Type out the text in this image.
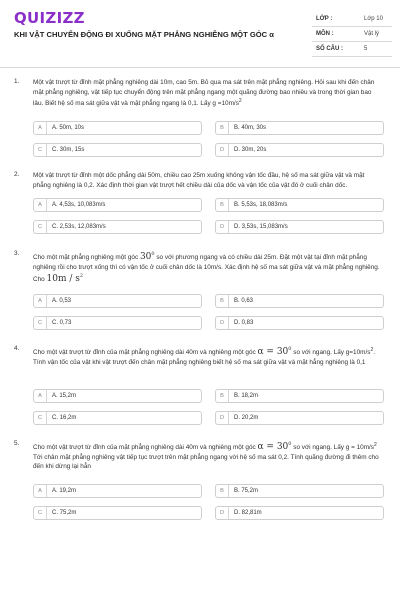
QUIZIZZ
KHI VẬT CHUYỂN ĐỘNG ĐI XUỐNG MẶT PHẲNG NGHIÊNG MỘT GÓC α
LỚP :	Lớp 10
MÔN :	Vật lý
SỐ CÂU :	5
1. Một vật trượt từ đỉnh mặt phẳng nghiêng dài 10m, cao 5m. Bỏ qua ma sát trên mặt phẳng nghiêng. Hỏi sau khi đến chân mặt phẳng nghiêng, vật tiếp tục chuyển động trên mặt phẳng ngang một quãng đường bao nhiêu và trong thời gian bao lâu. Biết hệ số ma sát giữa vật và mặt phẳng ngang là 0,1. Lấy $g =10m/s^2$
A	A. 50m, 10s	B	B. 40m, 30s
C	C. 30m, 15s	D	D. 30m, 20s
2. Một vật trượt từ đỉnh một dốc phẳng dài 50m, chiều cao 25m xuống không vận tốc đầu, hệ số ma sát giữa vật và mặt phẳng nghiêng là 0,2. Xác định thời gian vật trượt hết chiều dài của dốc và vận tốc của vật đó ở cuối chân dốc.
A	A. 4,53s, 10,083m/s	B	B. 5,53s, 18,083m/s
C	C. 2,53s, 12,083m/s	D	D. 3,53s, 15,083m/s
3.
Cho một mặt phẳng nghiêng một góc $30^0$ so với phương ngang và có chiều dài 25m. Đặt một vật tại đỉnh mặt phẳng nghiêng rồi cho trượt xống thì có vận tốc ở cuối chân dốc là 10m/s. Xác định hệ số ma sát giữa vật và mặt phẳng nghiêng. Cho $10m / s^2$
A	A. 0,53	B	B. 0,63
C	C. 0,73	D	D. 0,83
4.
Cho một vật trượt từ đỉnh của mặt phẳng nghiêng dài 40m và nghiêng một góc $\alpha = 30^0$ so với ngang. Lấy $g=10m/s^2$. Tính vận tốc của vật khi vật trượt đến chân mặt phẳng nghiêng biết hệ số ma sát giữa vật và mặt hẳng nghiêng là 0,1
A	A. 15,2m	B	B. 18,2m
C	C. 16,2m	D	D. 20,2m
5.
Cho một vật trượt từ đỉnh của mặt phẳng nghiêng dài 40m và nghiêng một góc $\alpha = 30^0$ so với ngang. Lấy $g = 10m/s^2$ Tới chân mặt phẳng nghiêng vật tiếp tục trượt trên mặt phẳng ngang với hệ số ma sát 0,2. Tính quãng đường đi thêm cho đến khi dừng lại hẳn
A	A. 19,2m	B	B. 75,2m
C	C. 75,2m	D	D. 82,81m
